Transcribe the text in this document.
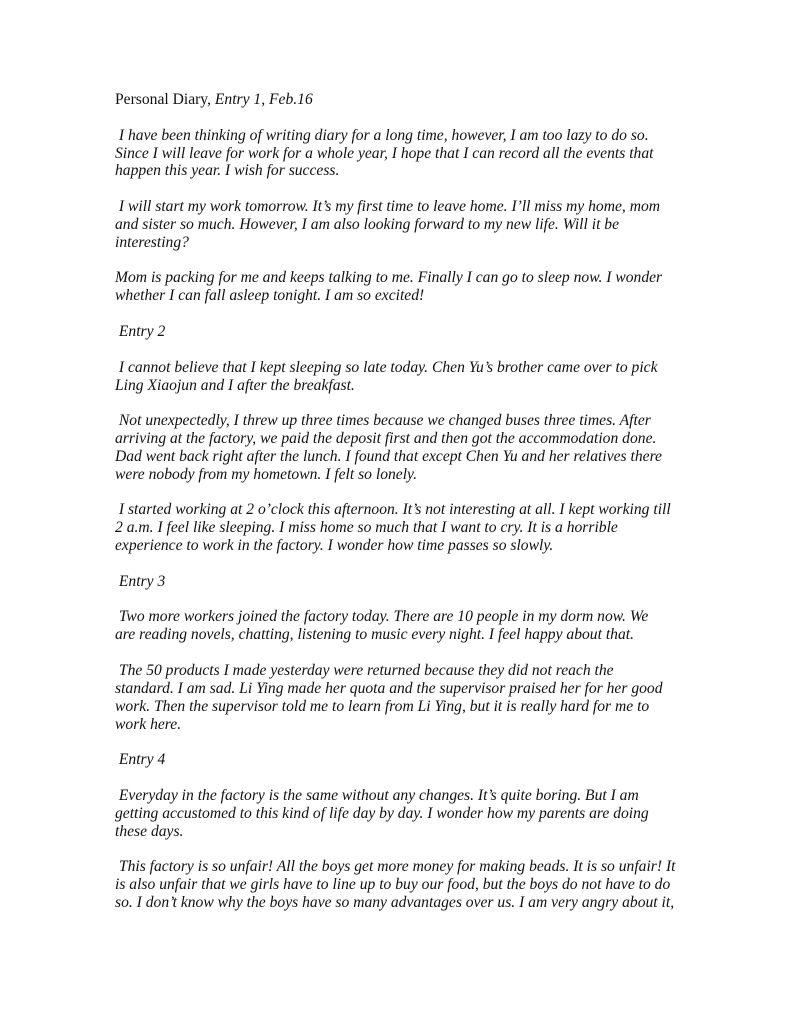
Personal Diary, Entry 1, Feb.16
I have been thinking of writing diary for a long time, however, I am too lazy to do so.
Since I will leave for work for a whole year, I hope that I can record all the events that
happen this year. I wish for success.
I will start my work tomorrow. It’s my first time to leave home. I’ll miss my home, mom
and sister so much. However, I am also looking forward to my new life. Will it be
interesting?
Mom is packing for me and keeps talking to me. Finally I can go to sleep now. I wonder
whether I can fall asleep tonight. I am so excited!
Entry 2
I cannot believe that I kept sleeping so late today. Chen Yu’s brother came over to pick
Ling Xiaojun and I after the breakfast.
Not unexpectedly, I threw up three times because we changed buses three times. After
arriving at the factory, we paid the deposit first and then got the accommodation done.
Dad went back right after the lunch. I found that except Chen Yu and her relatives there
were nobody from my hometown. I felt so lonely.
I started working at 2 o’clock this afternoon. It’s not interesting at all. I kept working till
2 a.m. I feel like sleeping. I miss home so much that I want to cry. It is a horrible
experience to work in the factory. I wonder how time passes so slowly.
Entry 3
Two more workers joined the factory today. There are 10 people in my dorm now. We
are reading novels, chatting, listening to music every night. I feel happy about that.
The 50 products I made yesterday were returned because they did not reach the
standard. I am sad. Li Ying made her quota and the supervisor praised her for her good
work. Then the supervisor told me to learn from Li Ying, but it is really hard for me to
work here.
Entry 4
Everyday in the factory is the same without any changes. It’s quite boring. But I am
getting accustomed to this kind of life day by day. I wonder how my parents are doing
these days.
This factory is so unfair! All the boys get more money for making beads. It is so unfair! It
is also unfair that we girls have to line up to buy our food, but the boys do not have to do
so. I don’t know why the boys have so many advantages over us. I am very angry about it,
